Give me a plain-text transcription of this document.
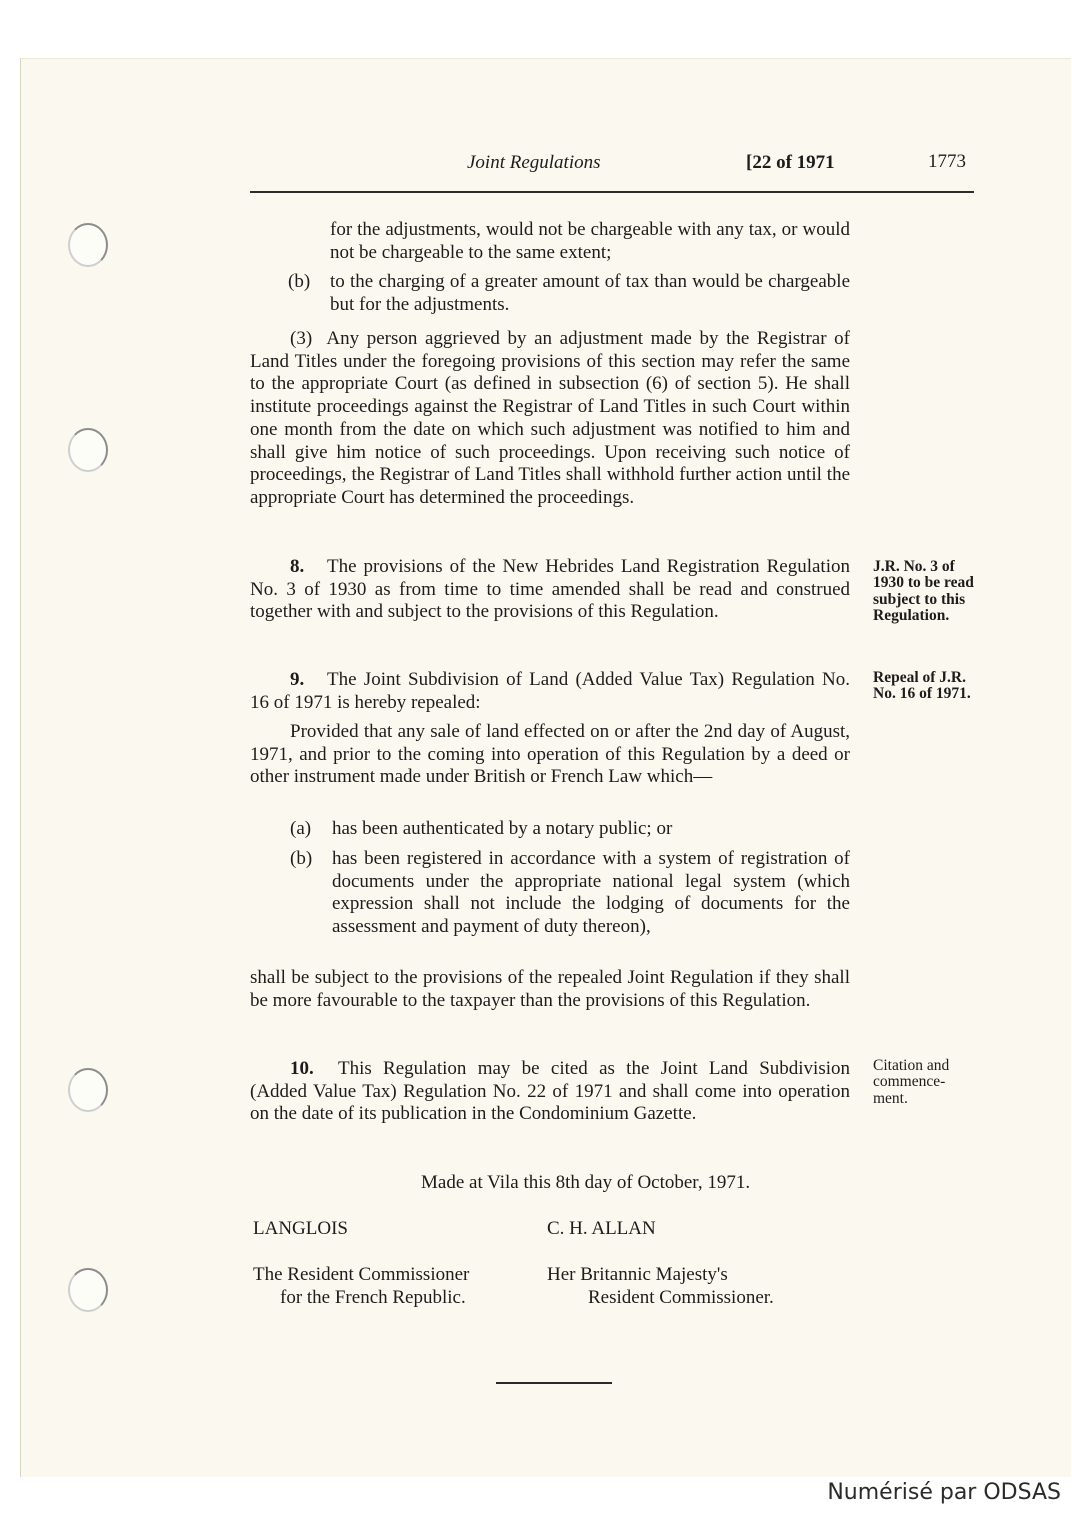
Joint Regulations	[22 of 1971	1773

for the adjustments, would not be chargeable with any tax, or would not be chargeable to the same extent;

(b) to the charging of a greater amount of tax than would be chargeable but for the adjustments.

(3)  Any person aggrieved by an adjustment made by the Registrar of Land Titles under the foregoing provisions of this section may refer the same to the appropriate Court (as defined in subsection (6) of section 5). He shall institute proceedings against the Registrar of Land Titles in such Court within one month from the date on which such adjustment was notified to him and shall give him notice of such proceedings. Upon receiving such notice of proceedings, the Registrar of Land Titles shall withhold further action until the appropriate Court has determined the proceedings.

8.	The provisions of the New Hebrides Land Registration Regulation No. 3 of 1930 as from time to time amended shall be read and construed together with and subject to the provisions of this Regulation.

J.R. No. 3 of 1930 to be read subject to this Regulation.
9.	The Joint Subdivision of Land (Added Value Tax) Regulation No. 16 of 1971 is hereby repealed:

Repeal of J.R. No. 16 of 1971.

Provided that any sale of land effected on or after the 2nd day of August, 1971, and prior to the coming into operation of this Regulation by a deed or other instrument made under British or French Law which—

(a) has been authenticated by a notary public; or

(b) has been registered in accordance with a system of registration of documents under the appropriate national legal system (which expression shall not include the lodging of documents for the assessment and payment of duty thereon),

shall be subject to the provisions of the repealed Joint Regulation if they shall be more favourable to the taxpayer than the provisions of this Regulation.

10.	This Regulation may be cited as the Joint Land Subdivision (Added Value Tax) Regulation No. 22 of 1971 and shall come into operation on the date of its publication in the Condominium Gazette.

Citation and commence-ment.
Made at Vila this 8th day of October, 1971.
LANGLOIS	C. H. ALLAN
The Resident Commissioner
for the French Republic.
Her Britannic Majesty's
Resident Commissioner.
Numérisé par ODSAS
